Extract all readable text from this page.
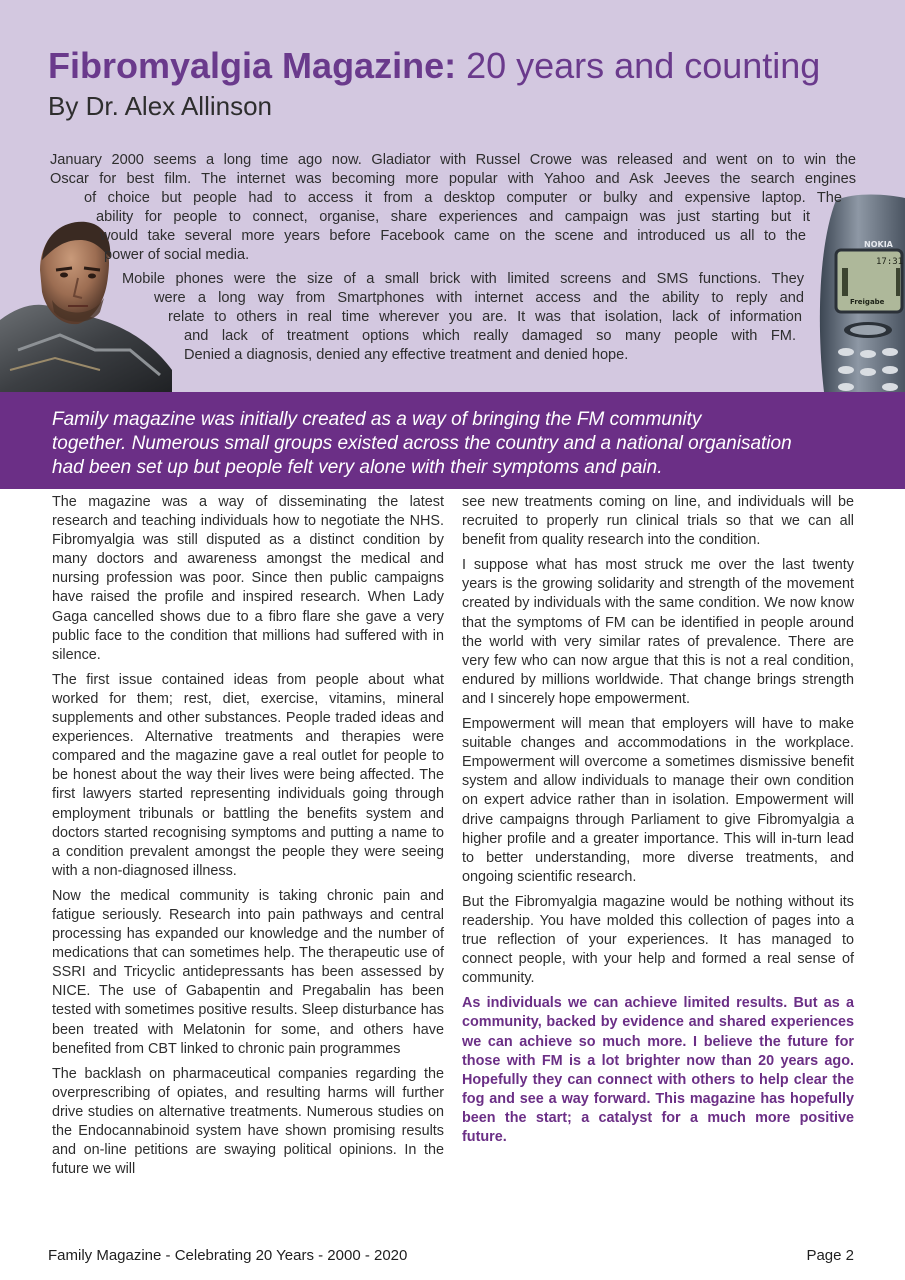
Fibromyalgia Magazine: 20 years and counting
By Dr. Alex Allinson
NOKIA
17:31
Freigabe
January 2000 seems a long time ago now. Gladiator with Russel Crowe was released and went on to win the
Oscar for best film. The internet was becoming more popular with Yahoo and Ask Jeeves the search engines
of choice but people had to access it from a desktop computer or bulky and expensive laptop. The
ability for people to connect, organise, share experiences and campaign was just starting but it
would take several more years before Facebook came on the scene and introduced us all to the
power of social media.
Mobile phones were the size of a small brick with limited screens and SMS functions. They
were a long way from Smartphones with internet access and the ability to reply and
relate to others in real time wherever you are. It was that isolation, lack of information
and lack of treatment options which really damaged so many people with FM.
Denied a diagnosis, denied any effective treatment and denied hope.
Family magazine was initially created as a way of bringing the FM community
together. Numerous small groups existed across the country and a national organisation
had been set up but people felt very alone with their symptoms and pain.

The magazine was a way of disseminating the latest research and teaching individuals how to negotiate the NHS. Fibromyalgia was still disputed as a distinct condition by many doctors and awareness amongst the medical and nursing profession was poor. Since then public campaigns have raised the profile and inspired research. When Lady Gaga cancelled shows due to a fibro flare she gave a very public face to the condition that millions had suffered with in silence.

The first issue contained ideas from people about what worked for them; rest, diet, exercise, vitamins, mineral supplements and other substances. People traded ideas and experiences. Alternative treatments and therapies were compared and the magazine gave a real outlet for people to be honest about the way their lives were being affected. The first lawyers started representing individuals going through employment tribunals or battling the benefits system and doctors started recognising symptoms and putting a name to a condition prevalent amongst the people they were seeing with a non-diagnosed illness.

Now the medical community is taking chronic pain and fatigue seriously. Research into pain pathways and central processing has expanded our knowledge and the number of medications that can sometimes help. The therapeutic use of SSRI and Tricyclic antidepressants has been assessed by NICE. The use of Gabapentin and Pregabalin has been tested with sometimes positive results. Sleep disturbance has been treated with Melatonin for some, and others have benefited from CBT linked to chronic pain programmes

The backlash on pharmaceutical companies regarding the overprescribing of opiates, and resulting harms will further drive studies on alternative treatments. Numerous studies on the Endocannabinoid system have shown promising results and on-line petitions are swaying political opinions. In the future we will

see new treatments coming on line, and individuals will be recruited to properly run clinical trials so that we can all benefit from quality research into the condition.

I suppose what has most struck me over the last twenty years is the growing solidarity and strength of the movement created by individuals with the same condition. We now know that the symptoms of FM can be identified in people around the world with very similar rates of prevalence. There are very few who can now argue that this is not a real condition, endured by millions worldwide. That change brings strength and I sincerely hope empowerment.

Empowerment will mean that employers will have to make suitable changes and accommodations in the workplace. Empowerment will overcome a sometimes dismissive benefit system and allow individuals to manage their own condition on expert advice rather than in isolation. Empowerment will drive campaigns through Parliament to give Fibromyalgia a higher profile and a greater importance. This will in-turn lead to better understanding, more diverse treatments, and ongoing scientific research.

But the Fibromyalgia magazine would be nothing without its readership. You have molded this collection of pages into a true reflection of your experiences. It has managed to connect people, with your help and formed a real sense of community.

As individuals we can achieve limited results. But as a community, backed by evidence and shared experiences we can achieve so much more. I believe the future for those with FM is a lot brighter now than 20 years ago. Hopefully they can connect with others to help clear the fog and see a way forward. This magazine has hopefully been the start; a catalyst for a much more positive future.

Family Magazine - Celebrating 20 Years - 2000 - 2020	Page 2
